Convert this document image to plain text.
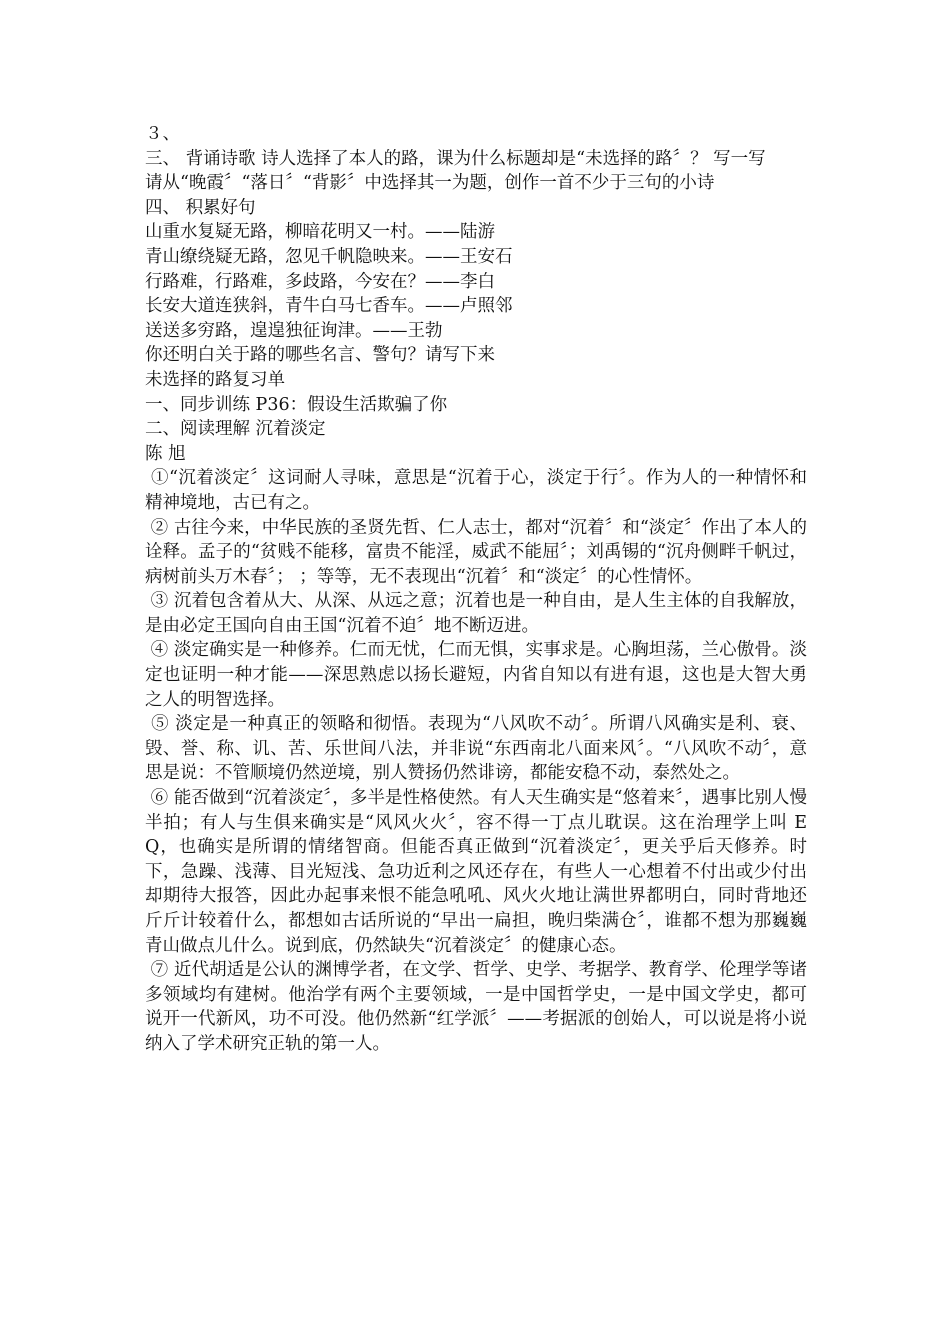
３、
三、 背诵诗歌 诗人选择了本人的路，课为什么标题却是“未选择的路〞？ 写一写
请从“晚霞〞“落日〞“背影〞中选择其一为题，创作一首不少于三句的小诗
四、 积累好句
山重水复疑无路，柳暗花明又一村。——陆游
青山缭绕疑无路，忽见千帆隐映来。——王安石
行路难，行路难，多歧路，今安在？——李白
长安大道连狭斜，青牛白马七香车。——卢照邻
送送多穷路，遑遑独征询津。——王勃
你还明白关于路的哪些名言、警句？请写下来
未选择的路复习单
一、同步训练 P36：假设生活欺骗了你
二、阅读理解 沉着淡定
陈 旭
①“沉着淡定〞这词耐人寻味，意思是“沉着于心，淡定于行〞。作为人的一种情怀和精神境地，古已有之。
② 古往今来，中华民族的圣贤先哲、仁人志士，都对“沉着〞和“淡定〞作出了本人的诠释。孟子的“贫贱不能移，富贵不能淫，威武不能屈〞；刘禹锡的“沉舟侧畔千帆过，病树前头万木春〞； ；等等，无不表现出“沉着〞和“淡定〞的心性情怀。
③ 沉着包含着从大、从深、从远之意；沉着也是一种自由，是人生主体的自我解放，是由必定王国向自由王国“沉着不迫〞地不断迈进。
④ 淡定确实是一种修养。仁而无忧，仁而无惧，实事求是。心胸坦荡，兰心傲骨。淡定也证明一种才能——深思熟虑以扬长避短，内省自知以有进有退，这也是大智大勇之人的明智选择。
⑤ 淡定是一种真正的领略和彻悟。表现为“八风吹不动〞。所谓八风确实是利、衰、毁、誉、称、讥、苦、乐世间八法，并非说“东西南北八面来风〞。“八风吹不动〞，意思是说：不管顺境仍然逆境，别人赞扬仍然诽谤，都能安稳不动，泰然处之。
⑥ 能否做到“沉着淡定〞，多半是性格使然。有人天生确实是“悠着来〞，遇事比别人慢半拍；有人与生俱来确实是“风风火火〞，容不得一丁点儿耽误。这在治理学上叫 EQ，也确实是所谓的情绪智商。但能否真正做到“沉着淡定〞，更关乎后天修养。时下，急躁、浅薄、目光短浅、急功近利之风还存在，有些人一心想着不付出或少付出却期待大报答，因此办起事来恨不能急吼吼、风火火地让满世界都明白，同时背地还斤斤计较着什么，都想如古话所说的“早出一扁担，晚归柴满仓〞，谁都不想为那巍巍青山做点儿什么。说到底，仍然缺失“沉着淡定〞的健康心态。
⑦ 近代胡适是公认的渊博学者，在文学、哲学、史学、考据学、教育学、伦理学等诸多领域均有建树。他治学有两个主要领域，一是中国哲学史，一是中国文学史，都可说开一代新风，功不可没。他仍然新“红学派〞——考据派的创始人，可以说是将小说纳入了学术研究正轨的第一人。
